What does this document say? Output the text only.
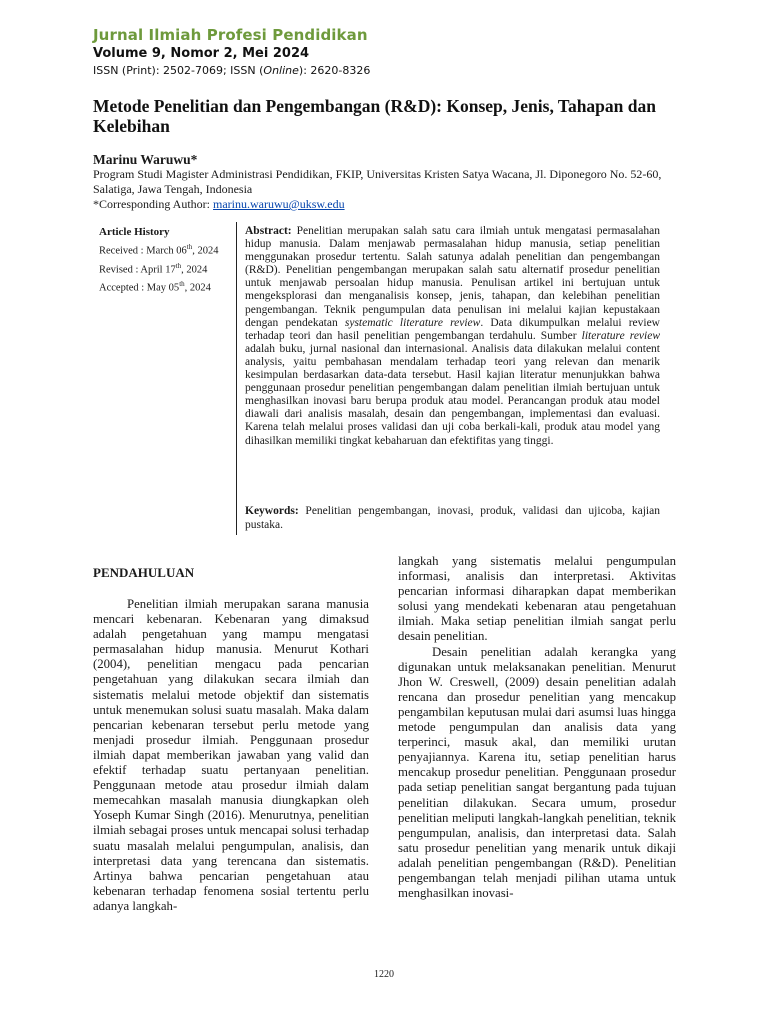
Jurnal Ilmiah Profesi Pendidikan
Volume 9, Nomor 2, Mei 2024
ISSN (Print): 2502-7069; ISSN (Online): 2620-8326
Metode Penelitian dan Pengembangan (R&D): Konsep, Jenis, Tahapan dan Kelebihan
Marinu Waruwu*
Program Studi Magister Administrasi Pendidikan, FKIP, Universitas Kristen Satya Wacana, Jl. Diponegoro No. 52-60, Salatiga, Jawa Tengah, Indonesia
*Corresponding Author: marinu.waruwu@uksw.edu
Article History
Received : March 06th, 2024
Revised : April 17th, 2024
Accepted : May 05th, 2024
Abstract: Penelitian merupakan salah satu cara ilmiah untuk mengatasi permasalahan hidup manusia. Dalam menjawab permasalahan hidup manusia, setiap penelitian menggunakan prosedur tertentu. Salah satunya adalah penelitian dan pengembangan (R&D). Penelitian pengembangan merupakan salah satu alternatif prosedur penelitian untuk menjawab persoalan hidup manusia. Penulisan artikel ini bertujuan untuk mengeksplorasi dan menganalisis konsep, jenis, tahapan, dan kelebihan penelitian pengembangan. Teknik pengumpulan data penulisan ini melalui kajian kepustakaan dengan pendekatan systematic literature review. Data dikumpulkan melalui review terhadap teori dan hasil penelitian pengembangan terdahulu. Sumber literature review adalah buku, jurnal nasional dan internasional. Analisis data dilakukan melalui content analysis, yaitu pembahasan mendalam terhadap teori yang relevan dan menarik kesimpulan berdasarkan data-data tersebut. Hasil kajian literatur menunjukkan bahwa penggunaan prosedur penelitian pengembangan dalam penelitian ilmiah bertujuan untuk menghasilkan inovasi baru berupa produk atau model. Perancangan produk atau model diawali dari analisis masalah, desain dan pengembangan, implementasi dan evaluasi. Karena telah melalui proses validasi dan uji coba berkali-kali, produk atau model yang dihasilkan memiliki tingkat kebaharuan dan efektifitas yang tinggi.
Keywords: Penelitian pengembangan, inovasi, produk, validasi dan ujicoba, kajian pustaka.
PENDAHULUAN

Penelitian ilmiah merupakan sarana manusia mencari kebenaran. Kebenaran yang dimaksud adalah pengetahuan yang mampu mengatasi permasalahan hidup manusia. Menurut Kothari (2004), penelitian mengacu pada pencarian pengetahuan yang dilakukan secara ilmiah dan sistematis melalui metode objektif dan sistematis untuk menemukan solusi suatu masalah. Maka dalam pencarian kebenaran tersebut perlu metode yang menjadi prosedur ilmiah. Penggunaan prosedur ilmiah dapat memberikan jawaban yang valid dan efektif terhadap suatu pertanyaan penelitian. Penggunaan metode atau prosedur ilmiah dalam memecahkan masalah manusia diungkapkan oleh Yoseph Kumar Singh (2016). Menurutnya, penelitian ilmiah sebagai proses untuk mencapai solusi terhadap suatu masalah melalui pengumpulan, analisis, dan interpretasi data yang terencana dan sistematis. Artinya bahwa pencarian pengetahuan atau kebenaran terhadap fenomena sosial tertentu perlu adanya langkah-

langkah yang sistematis melalui pengumpulan informasi, analisis dan interpretasi. Aktivitas pencarian informasi diharapkan dapat memberikan solusi yang mendekati kebenaran atau pengetahuan ilmiah. Maka setiap penelitian ilmiah sangat perlu desain penelitian.

Desain penelitian adalah kerangka yang digunakan untuk melaksanakan penelitian. Menurut Jhon W. Creswell, (2009) desain penelitian adalah rencana dan prosedur penelitian yang mencakup pengambilan keputusan mulai dari asumsi luas hingga metode pengumpulan dan analisis data yang terperinci, masuk akal, dan memiliki urutan penyajiannya. Karena itu, setiap penelitian harus mencakup prosedur penelitian. Penggunaan prosedur pada setiap penelitian sangat bergantung pada tujuan penelitian dilakukan. Secara umum, prosedur penelitian meliputi langkah-langkah penelitian, teknik pengumpulan, analisis, dan interpretasi data. Salah satu prosedur penelitian yang menarik untuk dikaji adalah penelitian pengembangan (R&D). Penelitian pengembangan telah menjadi pilihan utama untuk menghasilkan inovasi-

1220
